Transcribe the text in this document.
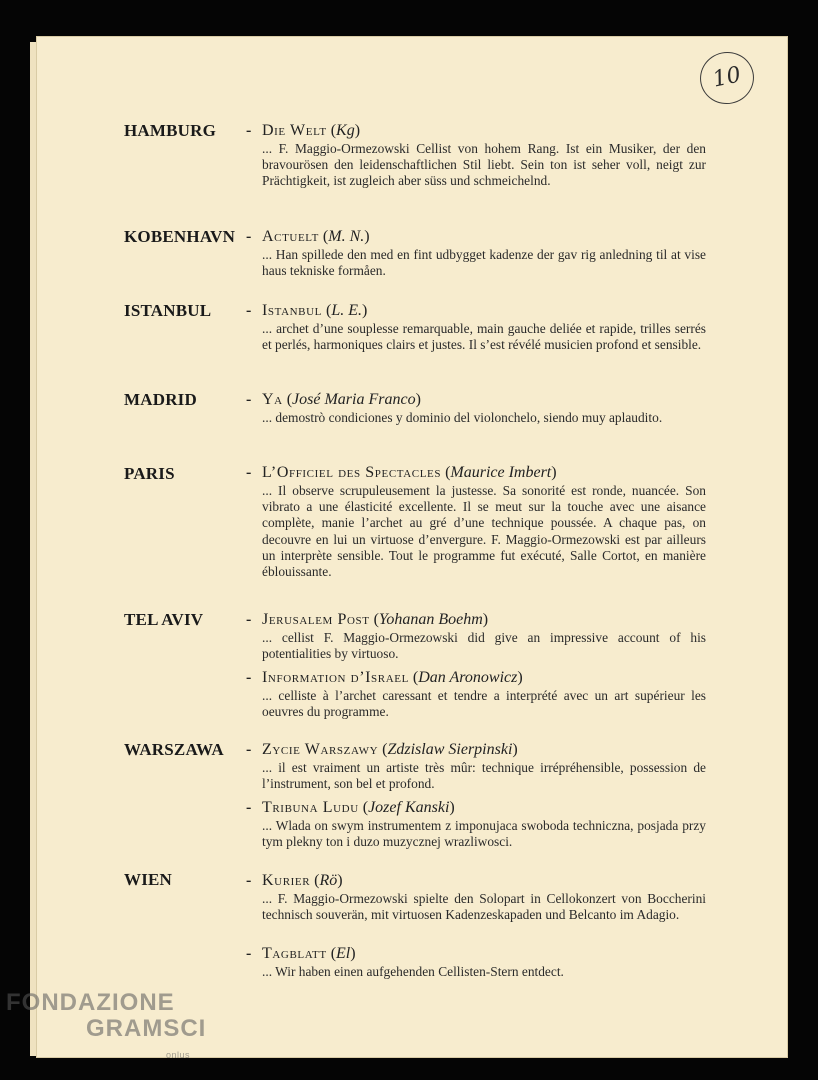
10
HAMBURG - Die Welt (Kg)
... F. Maggio-Ormezowski Cellist von hohem Rang. Ist ein Musiker, der den bravourösen den leidenschaftlichen Stil liebt. Sein ton ist seher voll, neigt zur Prächtigkeit, ist zugleich aber süss und schmeichelnd.
KOBENHAVN - Actuelt (M. N.)
... Han spillede den med en fint udbygget kadenze der gav rig anledning til at vise haus tekniske formåen.
ISTANBUL - Istanbul (L. E.)
... archet d’une souplesse remarquable, main gauche deliée et rapide, trilles serrés et perlés, harmoniques clairs et justes. Il s’est révélé musicien profond et sensible.
MADRID	- Ya (José Maria Franco)
... demostrò condiciones y dominio del violonchelo, siendo muy aplaudito.
PARIS	- L’Officiel des Spectacles (Maurice Imbert)
... Il observe scrupuleusement la justesse. Sa sonorité est ronde, nuancée. Son vibrato a une élasticité excellente. Il se meut sur la touche avec une aisance complète, manie l’archet au gré d’une technique poussée. A chaque pas, on decouvre en lui un virtuose d’envergure. F. Maggio-Ormezowski est par ailleurs un interprète sensible. Tout le programme fut exécuté, Salle Cortot, en manière éblouissante.
TEL AVIV	- Jerusalem Post (Yohanan Boehm)
... cellist F. Maggio-Ormezowski did give an impressive account of his potentialities by virtuoso.
- Information d’Israel (Dan Aronowicz)
... celliste à l’archet caressant et tendre a interprété avec un art supérieur les oeuvres du programme.
WARSZAWA - Zycie Warszawy (Zdzislaw Sierpinski)
... il est vraiment un artiste très mûr: technique irrépréhensible, possession de l’instrument, son bel et profond.
- Tribuna Ludu (Jozef Kanski)
... Wlada on swym instrumentem z imponujaca swoboda techniczna, posjada przy tym plekny ton i duzo muzycznej wrazliwosci.
WIEN	- Kurier (Rö)
... F. Maggio-Ormezowski spielte den Solopart in Cellokonzert von Boccherini technisch souverän, mit virtuosen Kadenzeskapaden und Belcanto im Adagio.
- Tagblatt (El)
... Wir haben einen aufgehenden Cellisten-Stern entdect.
FONDAZIONE
GRAMSCI
onlus
